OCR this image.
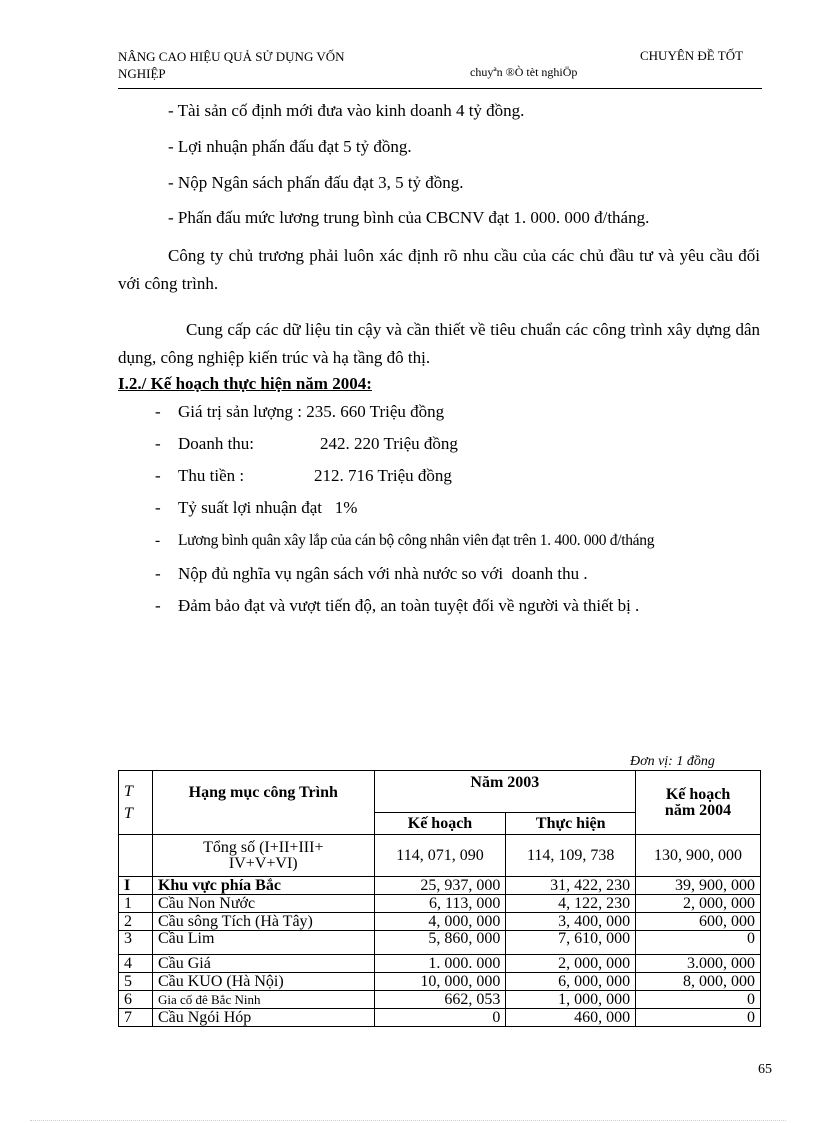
NÂNG CAO HIỆU QUẢ SỬ DỤNG VỐN
NGHIỆP
CHUYÊN ĐỀ TỐT
chuyªn ®Ò tèt nghiÖp
- Tài sản cố định mới đưa vào kinh doanh 4 tỷ đồng.
- Lợi nhuận phấn đấu đạt 5 tỷ đồng.
- Nộp Ngân sách phấn đấu đạt 3, 5 tỷ đồng.
- Phấn đấu mức lương trung bình của CBCNV đạt 1. 000. 000 đ/tháng.
Công ty chủ trương phải luôn xác định rõ nhu cầu của các chủ đầu tư và yêu cầu đối với công trình.
Cung cấp các dữ liệu tin cậy và cần thiết về tiêu chuẩn các công trình xây dựng dân dụng, công nghiệp kiến trúc và hạ tầng đô thị.
I.2./ Kế hoạch thực hiện năm 2004:
- Giá trị sản lượng : 235. 660 Triệu đồng
- Doanh thu:	242. 220 Triệu đồng
- Thu tiền :	212. 716 Triệu đồng
- Tỷ suất lợi nhuận đạt   1%
- Lương bình quân xây lắp của cán bộ công nhân viên đạt trên 1. 400. 000 đ/tháng
- Nộp đủ nghĩa vụ ngân sách với nhà nước so với  doanh thu .
- Đảm bảo đạt và vượt tiến độ, an toàn tuyệt đối về người và thiết bị .
Đơn vị: 1 đồng
T
T	Hạng mục công Trình	Năm 2003		Kế hoạch năm 2004
		Kế hoạch	Thực hiện	
	Tổng số (I+II+III+ IV+V+VI)	114, 071, 090	114, 109, 738	130, 900, 000
I	Khu vực phía Bắc	25, 937, 000	31, 422, 230	39, 900, 000
1	Cầu Non Nước	6, 113, 000	4, 122, 230	2, 000, 000
2	Cầu sông Tích (Hà Tây)	4, 000, 000	3, 400, 000	600, 000
3	Cầu Lim	5, 860, 000	7, 610, 000	0
4	Cầu Giá	1. 000. 000	2, 000, 000	3.000, 000
5	Cầu KUO (Hà Nội)	10, 000, 000	6, 000, 000	8, 000, 000
6	Gia cố đê Bắc Ninh	662, 053	1, 000, 000	0
7	Cầu Ngói Hóp	0	460, 000	0
65
